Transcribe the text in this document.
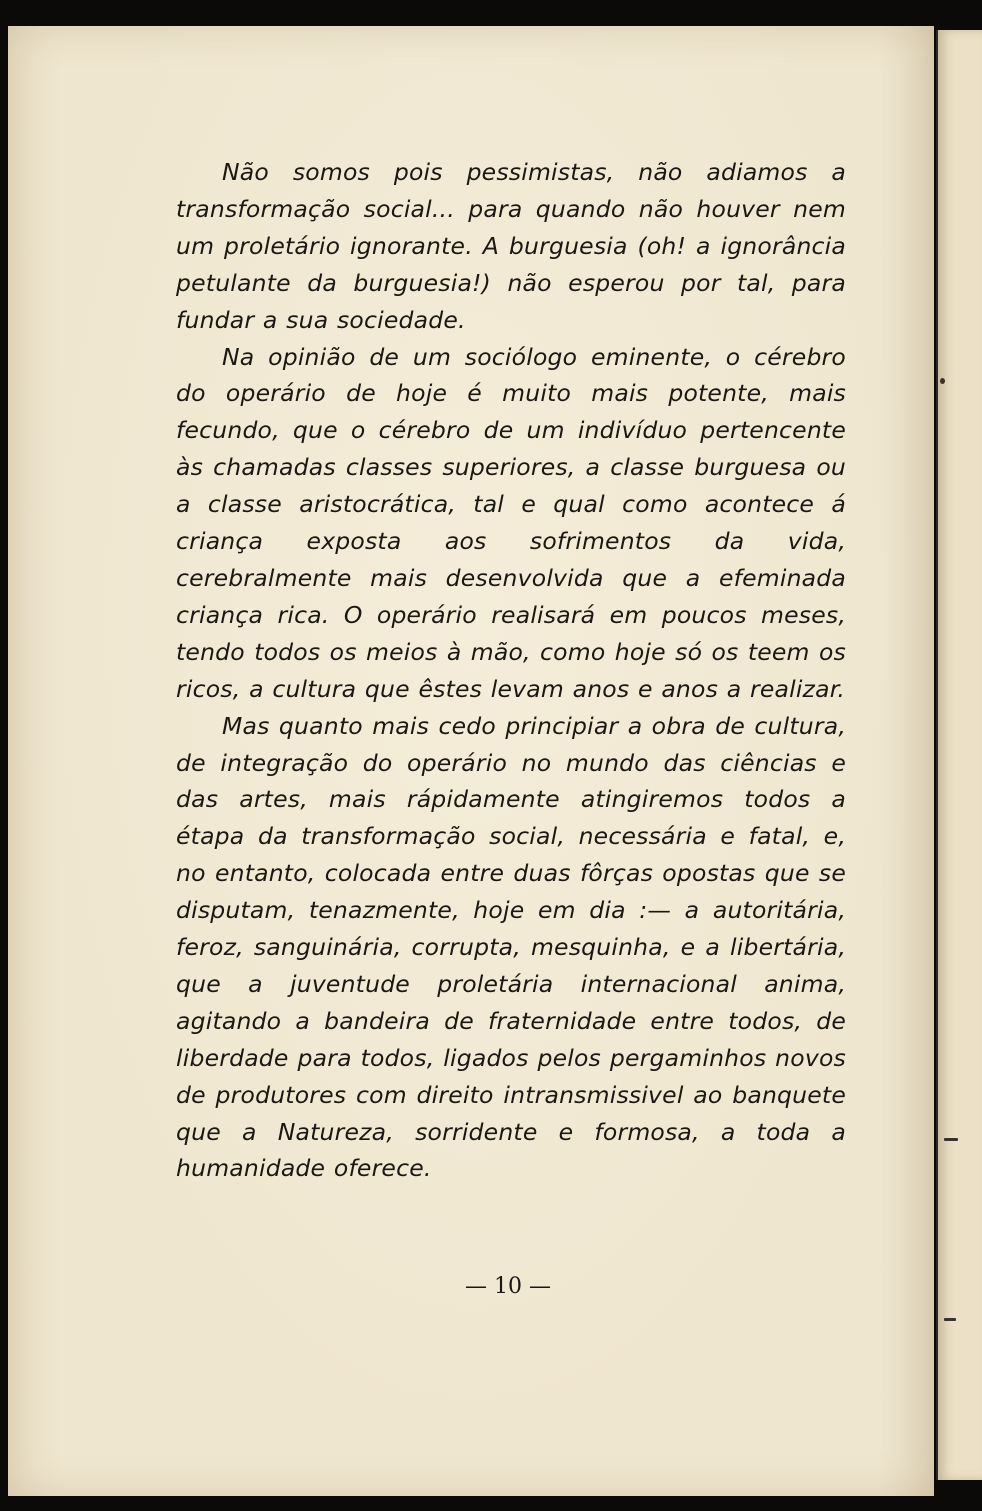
Não somos pois pessimistas, não adiamos a transformação social... para quando não houver nem um proletário ignorante. A burguesia (oh! a ignorância petulante da burguesia!) não esperou por tal, para fundar a sua sociedade.

Na opinião de um sociólogo eminente, o cérebro do operário de hoje é muito mais potente, mais fecundo, que o cérebro de um indivíduo pertencente às chamadas classes superiores, a classe burguesa ou a classe aristocrática, tal e qual como acontece á criança exposta aos sofrimentos da vida, cerebralmente mais desenvolvida que a efeminada criança rica. O operário realisará em poucos meses, tendo todos os meios à mão, como hoje só os teem os ricos, a cultura que êstes levam anos e anos a realizar.

Mas quanto mais cedo principiar a obra de cultura, de integração do operário no mundo das ciências e das artes, mais rápidamente atingiremos todos a étapa da transformação social, necessária e fatal, e, no entanto, colocada entre duas fôrças opostas que se disputam, tenazmente, hoje em dia :— a autoritária, feroz, sanguinária, corrupta, mesquinha, e a libertária, que a juventude proletária internacional anima, agitando a bandeira de fraternidade entre todos, de liberdade para todos, ligados pelos pergaminhos novos de produtores com direito intransmissivel ao banquete que a Natureza, sorridente e formosa, a toda a humanidade oferece.

— 10 —
